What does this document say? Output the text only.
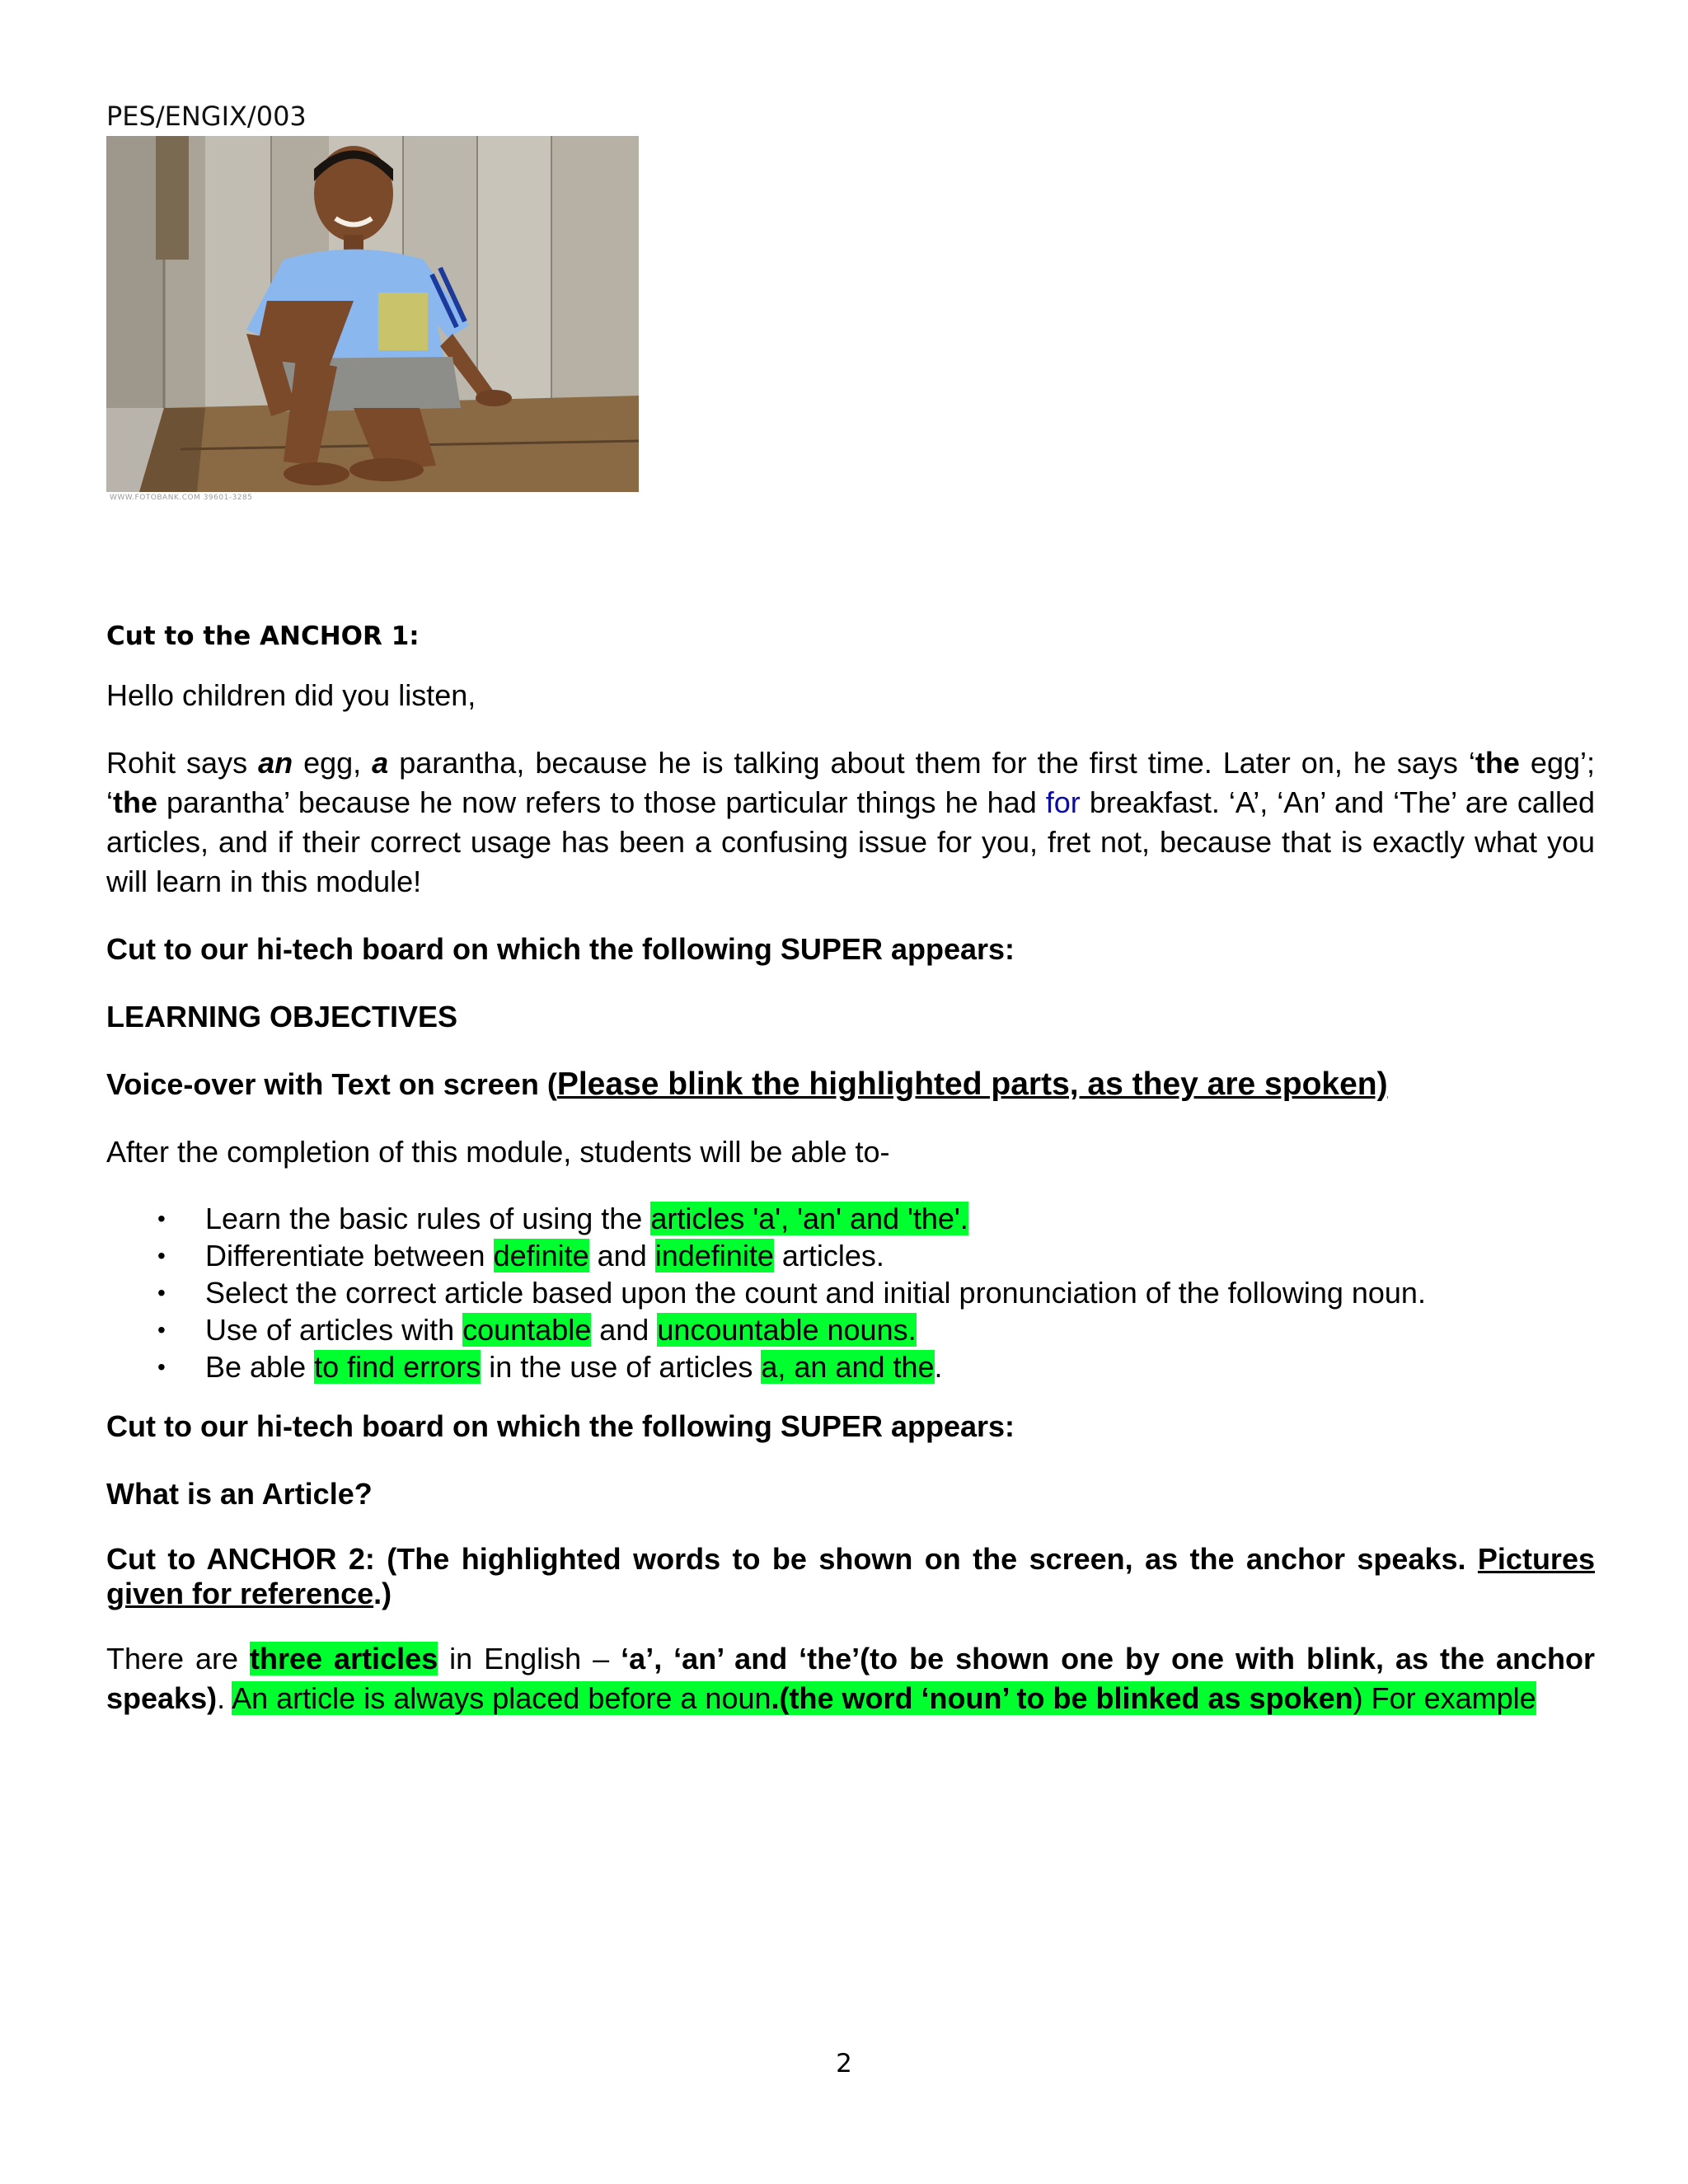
PES/ENGIX/003
WWW.FOTOBANK.COM 39601-3285
Cut to the ANCHOR 1:

Hello children did you listen,

Rohit says an egg, a parantha, because he is talking about them for the first time. Later on, he says ‘the egg’; ‘the parantha’ because he now refers to those particular things he had for breakfast. ‘A’, ‘An’ and ‘The’ are called articles, and if their correct usage has been a confusing issue for you, fret not, because that is exactly what you will learn in this module!

Cut to our hi-tech board on which the following SUPER appears:

LEARNING OBJECTIVES

Voice-over with Text on screen (Please blink the highlighted parts, as they are spoken)

After the completion of this module, students will be able to-

• Learn the basic rules of using the articles 'a', 'an' and 'the'.
• Differentiate between definite and indefinite articles.
• Select the correct article based upon the count and initial pronunciation of the following noun.
• Use of articles with countable and uncountable nouns.
• Be able to find errors in the use of articles a, an and the.

Cut to our hi-tech board on which the following SUPER appears:

What is an Article?

Cut to ANCHOR 2: (The highlighted words to be shown on the screen, as the anchor speaks. Pictures given for reference.)

There are three articles in English – ‘a’, ‘an’ and ‘the’(to be shown one by one with blink, as the anchor speaks). An article is always placed before a noun.(the word ‘noun’ to be blinked as spoken) For example

2
